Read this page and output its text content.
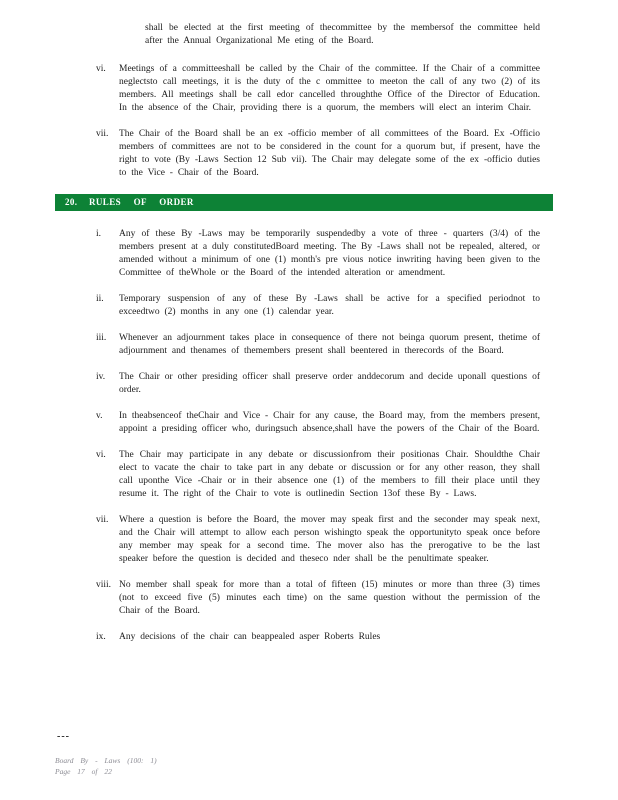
shall be elected at the first meeting of thecommittee by the membersof the committee held after the Annual Organizational Me eting of the Board.

vi.	Meetings of a committeeshall be called by the Chair of the committee. If the Chair of a committee neglectsto call meetings, it is the duty of the c ommittee to meeton the call of any two (2) of its members. All meetings shall be call edor cancelled throughthe Office of the Director of Education. In the absence of the Chair, providing there is a quorum, the members will elect an interim Chair.
vii.	The Chair of the Board shall be an ex -officio member of all committees of the Board. Ex -Officio members of committees are not to be considered in the count for a quorum but, if present, have the right to vote (By -Laws Section 12 Sub vii). The Chair may delegate some of the ex -officio duties to the Vice - Chair of the Board.
20.	RULES OF ORDER
i.	Any of these By -Laws may be temporarily suspendedby a vote of three - quarters (3/4) of the members present at a duly constitutedBoard meeting. The By -Laws shall not be repealed, altered, or amended without a minimum of one (1) month's pre vious notice inwriting having been given to the Committee of theWhole or the Board of the intended alteration or amendment.
ii.	Temporary suspension of any of these By -Laws shall be active for a specified periodnot to exceedtwo (2) months in any one (1) calendar year.
iii.	Whenever an adjournment takes place in consequence of there not beinga quorum present, thetime of adjournment and thenames of themembers present shall beentered in therecords of the Board.
iv.	The Chair or other presiding officer shall preserve order anddecorum and decide uponall questions of order.
v.	In theabsenceof theChair and Vice - Chair for any cause, the Board may, from the members present, appoint a presiding officer who, duringsuch absence,shall have the powers of the Chair of the Board.
vi.	The Chair may participate in any debate or discussionfrom their positionas Chair. Shouldthe Chair elect to vacate the chair to take part in any debate or discussion or for any other reason, they shall call uponthe Vice -Chair or in their absence one (1) of the members to fill their place until they resume it. The right of the Chair to vote is outlinedin Section 13of these By - Laws.
vii.	Where a question is before the Board, the mover may speak first and the seconder may speak next, and the Chair will attempt to allow each person wishingto speak the opportunityto speak once before any member may speak for a second time. The mover also has the prerogative to be the last speaker before the question is decided and theseco nder shall be the penultimate speaker.
viii. No member shall speak for more than a total of fifteen (15) minutes or more than three (3) times (not to exceed five (5) minutes each time) on the same question without the permission of the Chair of the Board.
ix.	Any decisions of the chair can beappealed asper Roberts Rules
---
Board By - Laws (100: 1)
Page 17 of 22
